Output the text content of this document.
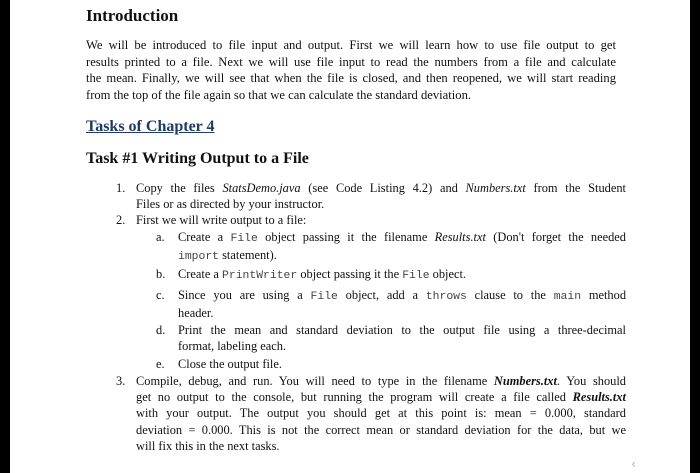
Introduction

We will be introduced to file input and output. First we will learn how to use file output to get
results printed to a file. Next we will use file input to read the numbers from a file and calculate
the mean. Finally, we will see that when the file is closed, and then reopened, we will start reading
from the top of the file again so that we can calculate the standard deviation.

Tasks of Chapter 4
Task #1 Writing Output to a File
1. Copy the files StatsDemo.java (see Code Listing 4.2) and Numbers.txt from the Student
Files or as directed by your instructor.
2. First we will write output to a file:
a. Create a File object passing it the filename Results.txt (Don't forget the needed
import statement).
b. Create a PrintWriter object passing it the File object.
c. Since you are using a File object, add a throws clause to the main method
header.
d. Print the mean and standard deviation to the output file using a three-decimal
format, labeling each.
e. Close the output file.
3. Compile, debug, and run. You will need to type in the filename Numbers.txt. You should
get no output to the console, but running the program will create a file called Results.txt
with your output. The output you should get at this point is: mean = 0.000, standard
deviation = 0.000. This is not the correct mean or standard deviation for the data, but we
will fix this in the next tasks.
‹
